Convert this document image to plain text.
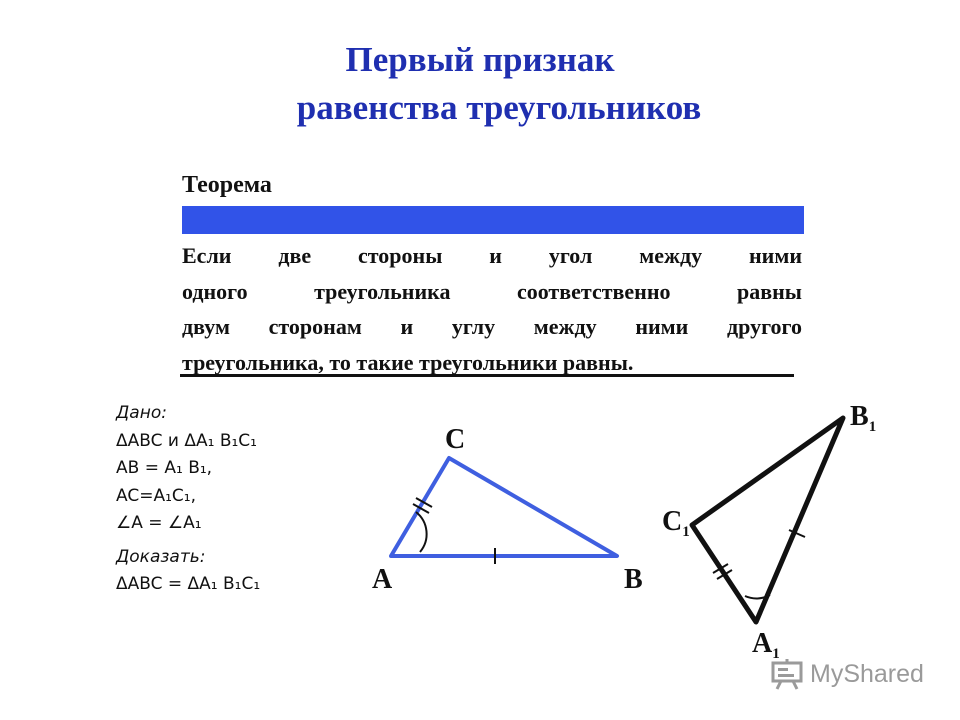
Первый признак
равенства треугольников
Теорема
Если две стороны и угол между ними
одного треугольника соответственно равны
двум сторонам и углу между ними другого
треугольника, то такие треугольники равны.
Дано:
ΔABC и ΔA₁ B₁C₁
AB = A₁ B₁,
AC=A₁C₁,
∠A = ∠A₁
Доказать:
ΔABC = ΔA₁ B₁C₁
C
A	B
$B_1$
$C_1$
$A_1$
MyShared
